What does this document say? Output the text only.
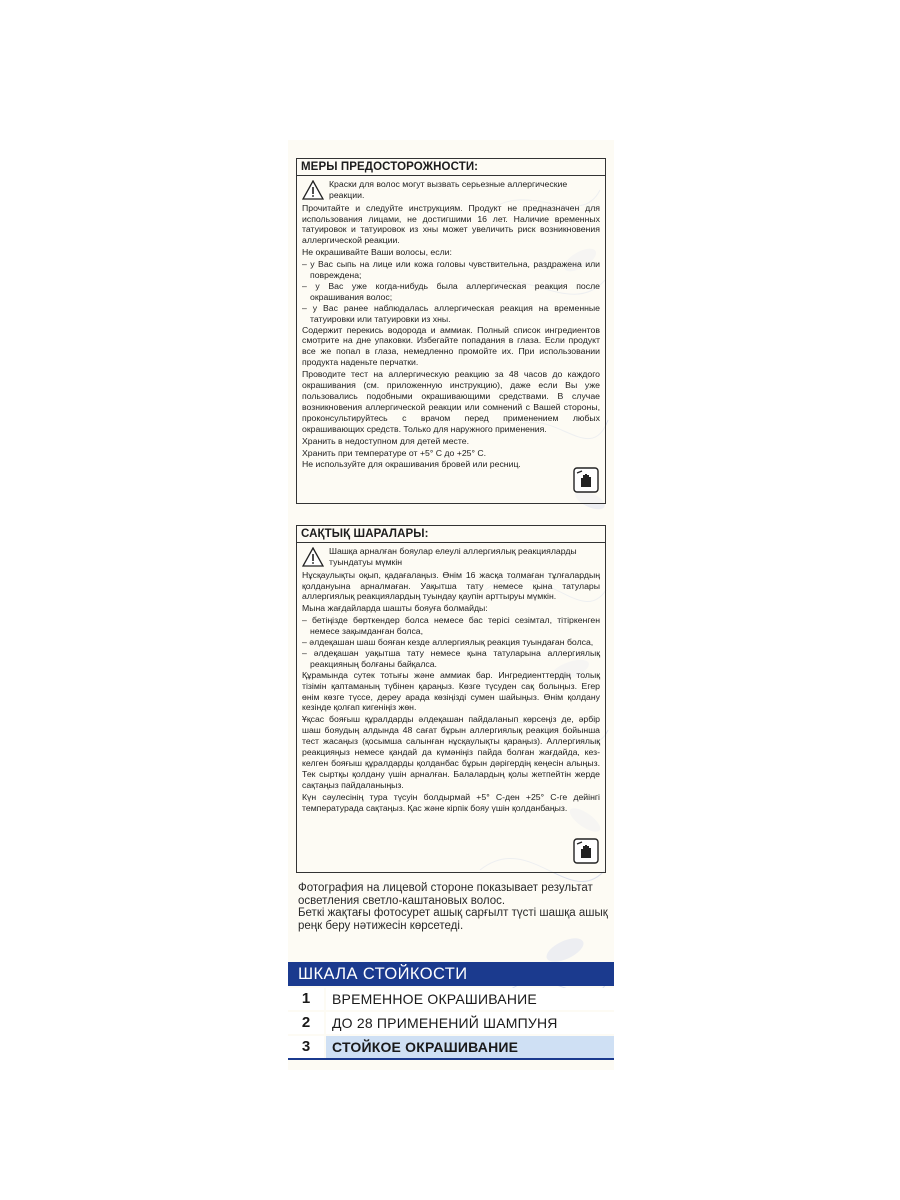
МЕРЫ ПРЕДОСТОРОЖНОСТИ:
Краски для волос могут вызвать серьезные аллергические реакции.

Прочитайте и следуйте инструкциям. Продукт не предназначен для использования лицами, не достигшими 16 лет. Наличие временных татуировок и татуировок из хны может увеличить риск возникновения аллергической реакции.

Не окрашивайте Ваши волосы, если:

– у Вас сыпь на лице или кожа головы чувствительна, раздражена или повреждена;

– у Вас уже когда-нибудь была аллергическая реакция после окрашивания волос;

– у Вас ранее наблюдалась аллергическая реакция на временные татуировки или татуировки из хны.

Содержит перекись водорода и аммиак. Полный список ингредиентов смотрите на дне упаковки. Избегайте попадания в глаза. Если продукт все же попал в глаза, немедленно промойте их. При использовании продукта наденьте перчатки.

Проводите тест на аллергическую реакцию за 48 часов до каждого окрашивания (см. приложенную инструкцию), даже если Вы уже пользовались подобными окрашивающими средствами. В случае возникновения аллергической реакции или сомнений с Вашей стороны, проконсультируйтесь с врачом перед применением любых окрашивающих средств. Только для наружного применения.

Хранить в недоступном для детей месте.

Хранить при температуре от +5° С до +25° С.

Не используйте для окрашивания бровей или ресниц.

САҚТЫҚ ШАРАЛАРЫ:
Шашқа арналған бояулар елеулі аллергиялық реакцияларды туындатуы мүмкін

Нұсқаулықты оқып, қадағалаңыз. Өнім 16 жасқа толмаған тұлғалардың қолдануына арналмаған. Уақытша тату немесе қына татулары аллергиялық реакциялардың туындау қаупін арттыруы мүмкін.

Мына жағдайларда шашты бояуға болмайды:

– бетіңізде бөрткендер болса немесе бас терісі сезімтал, тітіркенген немесе зақымданған болса,

– әлдеқашан шаш бояған кезде аллергиялық реакция туындаған болса,

– әлдеқашан уақытша тату немесе қына татуларына аллергиялық реакцияның болғаны байқалса.

Құрамында сутек тотығы және аммиак бар. Ингредиенттердің толық тізімін қаптаманың түбінен қараңыз. Көзге түсуден сақ болыңыз. Егер өнім көзге түссе, дереу арада көзіңізді сумен шайыңыз. Өнім қолдану кезінде қолғап кигеніңіз жөн.

Ұқсас бояғыш құралдарды әлдеқашан пайдаланып көрсеңіз де, әрбір шаш бояудың алдында 48 сағат бұрын аллергиялық реакция бойынша тест жасаңыз (қосымша салынған нұсқаулықты қараңыз). Аллергиялық реакцияңыз немесе қандай да күмәніңіз пайда болған жағдайда, кез-келген бояғыш құралдарды қолданбас бұрын дәрігердің кеңесін алыңыз. Тек сыртқы қолдану үшін арналған. Балалардың қолы жетпейтін жерде сақтаңыз пайдаланыңыз.

Күн сәулесінің тура түсуін болдырмай +5° С-ден +25° С-ге дейінгі температурада сақтаңыз. Қас және кірпік бояу үшін қолданбаңыз.

Фотография на лицевой стороне показывает результат осветления светло-каштановых волос.

Беткі жақтағы фотосурет ашық сарғылт түсті шашқа ашық реңк беру нәтижесін көрсетеді.

ШКАЛА СТОЙКОСТИ
1	ВРЕМЕННОЕ ОКРАШИВАНИЕ
2	ДО 28 ПРИМЕНЕНИЙ ШАМПУНЯ
3	СТОЙКОЕ ОКРАШИВАНИЕ
